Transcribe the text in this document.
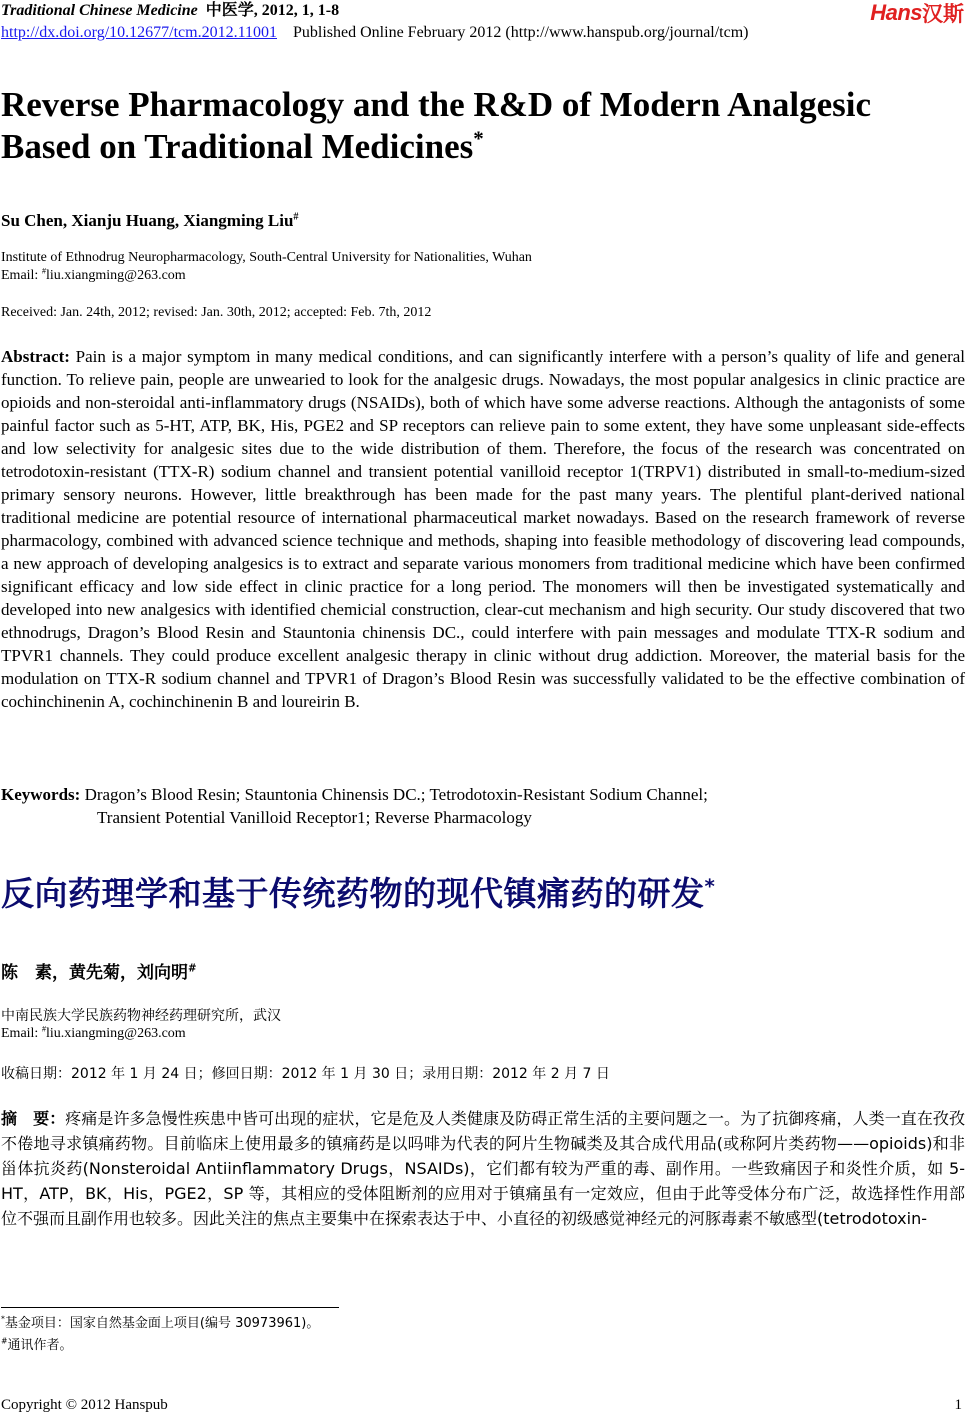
Traditional Chinese Medicine 中医学, 2012, 1, 1-8
http://dx.doi.org/10.12677/tcm.2012.11001 Published Online February 2012 (http://www.hanspub.org/journal/tcm)
Hans 汉斯
Reverse Pharmacology and the R&D of Modern Analgesic Based on Traditional Medicines*
Su Chen, Xianju Huang, Xiangming Liu#
Institute of Ethnodrug Neuropharmacology, South-Central University for Nationalities, Wuhan
Email: #liu.xiangming@263.com
Received: Jan. 24th, 2012; revised: Jan. 30th, 2012; accepted: Feb. 7th, 2012
Abstract: Pain is a major symptom in many medical conditions, and can significantly interfere with a person’s quality of life and general function. To relieve pain, people are unwearied to look for the analgesic drugs. Nowadays, the most popular analgesics in clinic practice are opioids and non-steroidal anti-inflammatory drugs (NSAIDs), both of which have some adverse reactions. Although the antagonists of some painful factor such as 5-HT, ATP, BK, His, PGE2 and SP receptors can relieve pain to some extent, they have some unpleasant side-effects and low selectivity for analgesic sites due to the wide distribution of them. Therefore, the focus of the research was concentrated on tetrodotoxin-resistant (TTX-R) sodium channel and transient potential vanilloid receptor 1(TRPV1) distributed in small-to-medium-sized primary sensory neurons. However, little breakthrough has been made for the past many years. The plentiful plant-derived national traditional medicine are potential resource of international pharmaceutical market nowadays. Based on the research framework of reverse pharmacology, combined with advanced science technique and methods, shaping into feasible methodology of discovering lead compounds, a new approach of developing analgesics is to extract and separate various monomers from traditional medicine which have been confirmed significant efficacy and low side effect in clinic practice for a long period. The monomers will then be investigated systematically and developed into new analgesics with identified chemicial construction, clear-cut mechanism and high security. Our study discovered that two ethnodrugs, Dragon’s Blood Resin and Stauntonia chinensis DC., could interfere with pain messages and modulate TTX-R sodium and TPVR1 channels. They could produce excellent analgesic therapy in clinic without drug addiction. Moreover, the material basis for the modulation on TTX-R sodium channel and TPVR1 of Dragon’s Blood Resin was successfully validated to be the effective combination of cochinchinenin A, cochinchinenin B and loureirin B.
Keywords: Dragon’s Blood Resin; Stauntonia Chinensis DC.; Tetrodotoxin-Resistant Sodium Channel;
Transient Potential Vanilloid Receptor1; Reverse Pharmacology
反向药理学和基于传统药物的现代镇痛药的研发*
陈　素，黄先菊，刘向明#
中南民族大学民族药物神经药理研究所，武汉
Email: #liu.xiangming@263.com
收稿日期：2012 年 1 月 24 日；修回日期：2012 年 1 月 30 日；录用日期：2012 年 2 月 7 日
摘　要：疼痛是许多急慢性疾患中皆可出现的症状，它是危及人类健康及防碍正常生活的主要问题之一。为了抗御疼痛，人类一直在孜孜不倦地寻求镇痛药物。目前临床上使用最多的镇痛药是以吗啡为代表的阿片生物碱类及其合成代用品(或称阿片类药物——opioids)和非甾体抗炎药(Nonsteroidal Antiinflammatory Drugs，NSAIDs)，它们都有较为严重的毒、副作用。一些致痛因子和炎性介质，如 5-HT，ATP，BK，His，PGE2，SP 等，其相应的受体阻断剂的应用对于镇痛虽有一定效应，但由于此等受体分布广泛，故选择性作用部位不强而且副作用也较多。因此关注的焦点主要集中在探索表达于中、小直径的初级感觉神经元的河豚毒素不敏感型(tetrodotoxin-
*基金项目：国家自然基金面上项目(编号 30973961)。
#通讯作者。
Copyright © 2012 Hanspub	1
